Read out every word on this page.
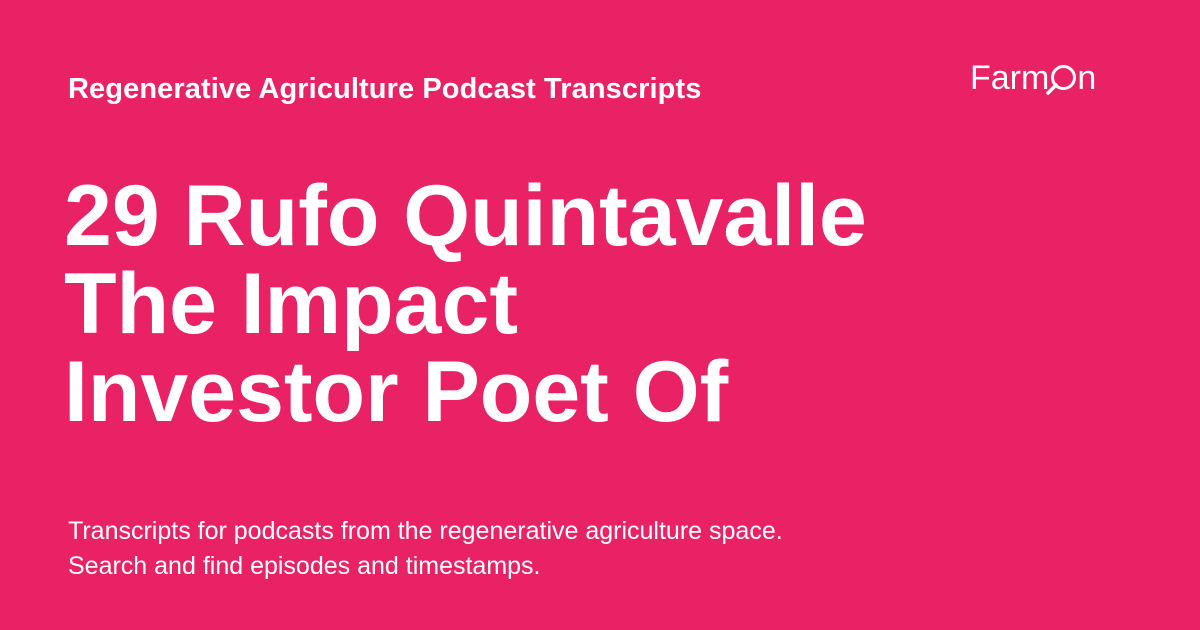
Regenerative Agriculture Podcast Transcripts	Farm n
29 Rufo Quintavalle
The Impact
Investor Poet Of
Transcripts for podcasts from the regenerative agriculture space.
Search and find episodes and timestamps.
